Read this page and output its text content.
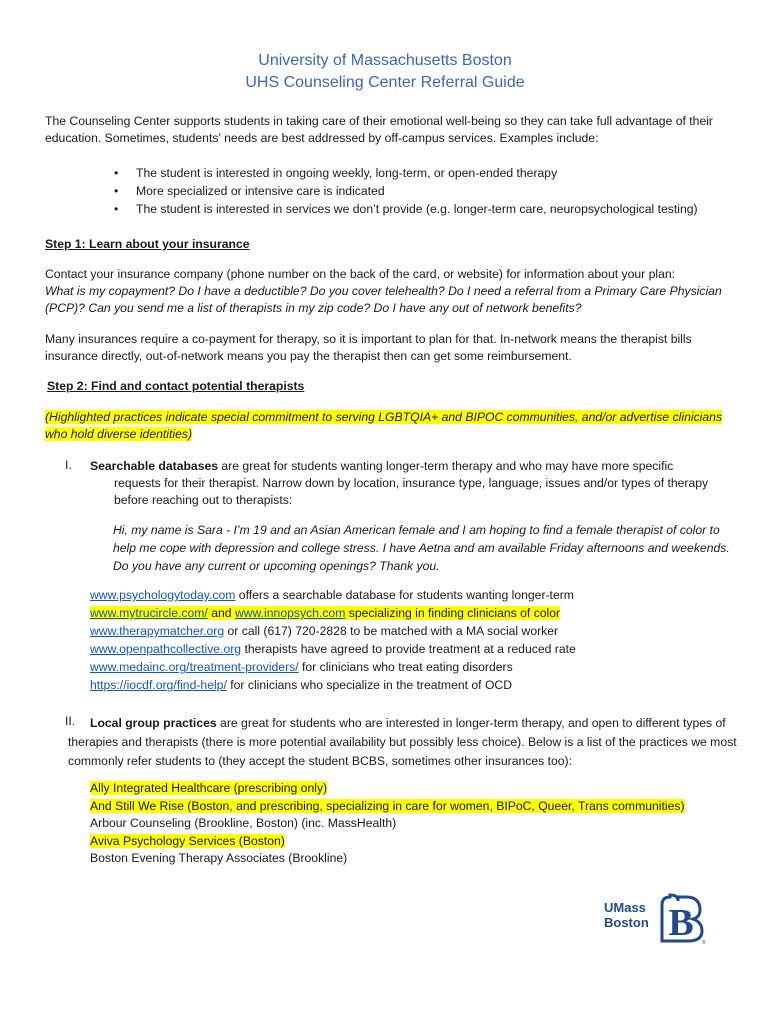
University of Massachusetts Boston
UHS Counseling Center Referral Guide
The Counseling Center supports students in taking care of their emotional well-being so they can take full advantage of their education. Sometimes, students’ needs are best addressed by off-campus services. Examples include:
• The student is interested in ongoing weekly, long-term, or open-ended therapy
• More specialized or intensive care is indicated
• The student is interested in services we don’t provide (e.g. longer-term care, neuropsychological testing)
Step 1: Learn about your insurance
Contact your insurance company (phone number on the back of the card, or website) for information about your plan:
What is my copayment? Do I have a deductible? Do you cover telehealth? Do I need a referral from a Primary Care Physician (PCP)? Can you send me a list of therapists in my zip code? Do I have any out of network benefits?
Many insurances require a co-payment for therapy, so it is important to plan for that. In-network means the therapist bills insurance directly, out-of-network means you pay the therapist then can get some reimbursement.
Step 2: Find and contact potential therapists
(Highlighted practices indicate special commitment to serving LGBTQIA+ and BIPOC communities, and/or advertise clinicians who hold diverse identities)
I. Searchable databases are great for students wanting longer-term therapy and who may have more specific
requests for their therapist. Narrow down by location, insurance type, language, issues and/or types of therapy before reaching out to therapists:
Hi, my name is Sara - I’m 19 and an Asian American female and I am hoping to find a female therapist of color to help me cope with depression and college stress. I have Aetna and am available Friday afternoons and weekends. Do you have any current or upcoming openings? Thank you.
www.psychologytoday.com offers a searchable database for students wanting longer-term
www.mytrucircle.com/ and www.innopsych.com specializing in finding clinicians of color
www.therapymatcher.org or call (617) 720-2828 to be matched with a MA social worker
www.openpathcollective.org therapists have agreed to provide treatment at a reduced rate
www.medainc.org/treatment-providers/ for clinicians who treat eating disorders
https://iocdf.org/find-help/ for clinicians who specialize in the treatment of OCD
II.	Local group practices are great for students who are interested in longer-term therapy, and open to different types of therapies and therapists (there is more potential availability but possibly less choice). Below is a list of the practices we most commonly refer students to (they accept the student BCBS, sometimes other insurances too):
Ally Integrated Healthcare (prescribing only)
And Still We Rise (Boston, and prescribing, specializing in care for women, BIPoC, Queer, Trans communities)
Arbour Counseling (Brookline, Boston) (inc. MassHealth)
Aviva Psychology Services (Boston)
Boston Evening Therapy Associates (Brookline)
UMass
Boston B ®
